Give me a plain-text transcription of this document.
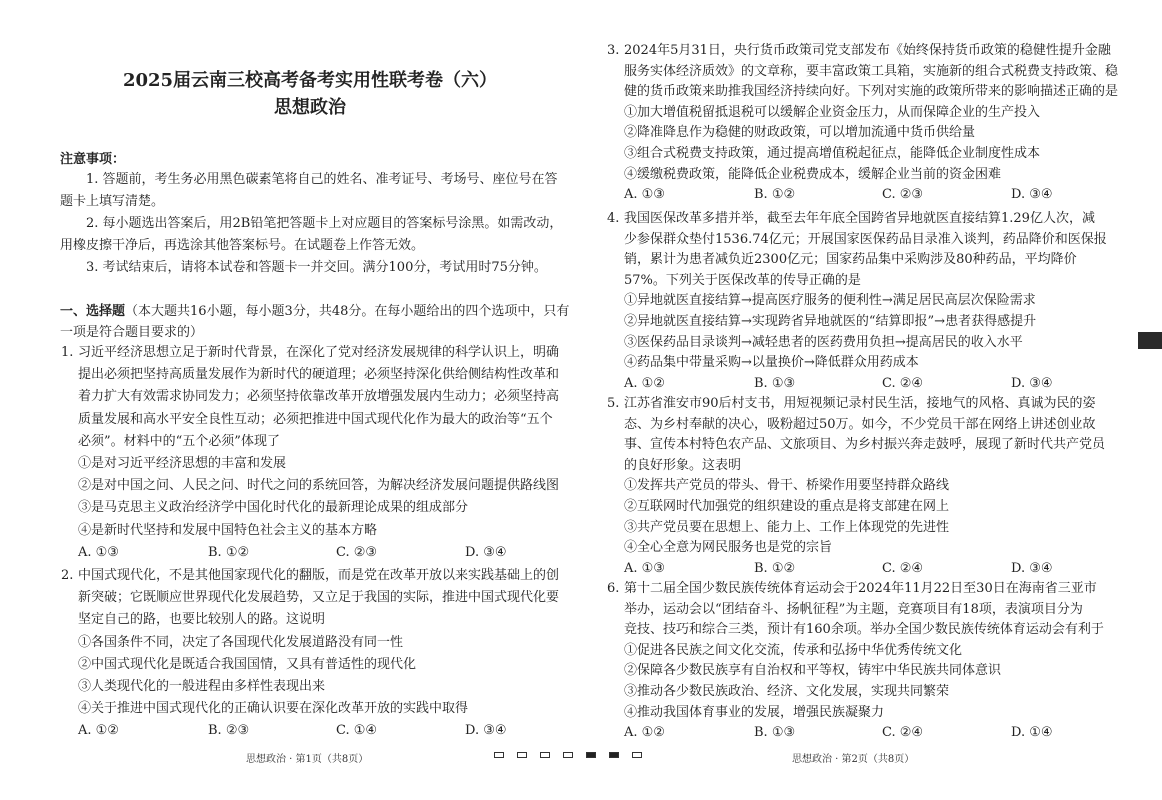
2025届云南三校高考备考实用性联考卷（六）
思想政治
注意事项：
　　1. 答题前，考生务必用黑色碳素笔将自己的姓名、准考证号、考场号、座位号在答
题卡上填写清楚。
　　2. 每小题选出答案后，用2B铅笔把答题卡上对应题目的答案标号涂黑。如需改动，
用橡皮擦干净后，再选涂其他答案标号。在试题卷上作答无效。
　　3. 考试结束后，请将本试卷和答题卡一并交回。满分100分，考试用时75分钟。
一、选择题（本大题共16小题，每小题3分，共48分。在每小题给出的四个选项中，只有
一项是符合题目要求的）
1. 习近平经济思想立足于新时代背景，在深化了党对经济发展规律的科学认识上，明确
提出必须把坚持高质量发展作为新时代的硬道理；必须坚持深化供给侧结构性改革和
着力扩大有效需求协同发力；必须坚持依靠改革开放增强发展内生动力；必须坚持高
质量发展和高水平安全良性互动；必须把推进中国式现代化作为最大的政治等“五个
必须”。材料中的“五个必须”体现了
①是对习近平经济思想的丰富和发展
②是对中国之问、人民之问、时代之问的系统回答，为解决经济发展问题提供路线图
③是马克思主义政治经济学中国化时代化的最新理论成果的组成部分
④是新时代坚持和发展中国特色社会主义的基本方略
A. ①③	B. ①②	C. ②③	D. ③④
2. 中国式现代化，不是其他国家现代化的翻版，而是党在改革开放以来实践基础上的创
新突破；它既顺应世界现代化发展趋势，又立足于我国的实际，推进中国式现代化要
坚定自己的路，也要比较别人的路。这说明
①各国条件不同，决定了各国现代化发展道路没有同一性
②中国式现代化是既适合我国国情，又具有普适性的现代化
③人类现代化的一般进程由多样性表现出来
④关于推进中国式现代化的正确认识要在深化改革开放的实践中取得
A. ①②	B. ②③	C. ①④	D. ③④
3. 2024年5月31日，央行货币政策司党支部发布《始终保持货币政策的稳健性提升金融
服务实体经济质效》的文章称，要丰富政策工具箱，实施新的组合式税费支持政策、稳
健的货币政策来助推我国经济持续向好。下列对实施的政策所带来的影响描述正确的是
①加大增值税留抵退税可以缓解企业资金压力，从而保障企业的生产投入
②降准降息作为稳健的财政政策，可以增加流通中货币供给量
③组合式税费支持政策，通过提高增值税起征点，能降低企业制度性成本
④缓缴税费政策，能降低企业税费成本，缓解企业当前的资金困难
A. ①③	B. ①②	C. ②③	D. ③④
4. 我国医保改革多措并举，截至去年年底全国跨省异地就医直接结算1.29亿人次，减
少参保群众垫付1536.74亿元；开展国家医保药品目录准入谈判，药品降价和医保报
销，累计为患者减负近2300亿元；国家药品集中采购涉及80种药品，平均降价
57%。下列关于医保改革的传导正确的是
①异地就医直接结算→提高医疗服务的便利性→满足居民高层次保险需求
②异地就医直接结算→实现跨省异地就医的“结算即报”→患者获得感提升
③医保药品目录谈判→减轻患者的医药费用负担→提高居民的收入水平
④药品集中带量采购→以量换价→降低群众用药成本
A. ①②	B. ①③	C. ②④	D. ③④
5. 江苏省淮安市90后村支书，用短视频记录村民生活，接地气的风格、真诚为民的姿
态、为乡村奉献的决心，吸粉超过50万。如今，不少党员干部在网络上讲述创业故
事、宣传本村特色农产品、文旅项目、为乡村振兴奔走鼓呼，展现了新时代共产党员
的良好形象。这表明
①发挥共产党员的带头、骨干、桥梁作用要坚持群众路线
②互联网时代加强党的组织建设的重点是将支部建在网上
③共产党员要在思想上、能力上、工作上体现党的先进性
④全心全意为网民服务也是党的宗旨
A. ①③	B. ①②	C. ②④	D. ③④
6. 第十二届全国少数民族传统体育运动会于2024年11月22日至30日在海南省三亚市
举办，运动会以“团结奋斗、扬帆征程”为主题，竞赛项目有18项，表演项目分为
竞技、技巧和综合三类，预计有160余项。举办全国少数民族传统体育运动会有利于
①促进各民族之间文化交流，传承和弘扬中华优秀传统文化
②保障各少数民族享有自治权和平等权，铸牢中华民族共同体意识
③推动各少数民族政治、经济、文化发展，实现共同繁荣
④推动我国体育事业的发展，增强民族凝聚力
A. ①②	B. ①③	C. ②④	D. ①④
思想政治 · 第1页（共8页）	思想政治 · 第2页（共8页）
